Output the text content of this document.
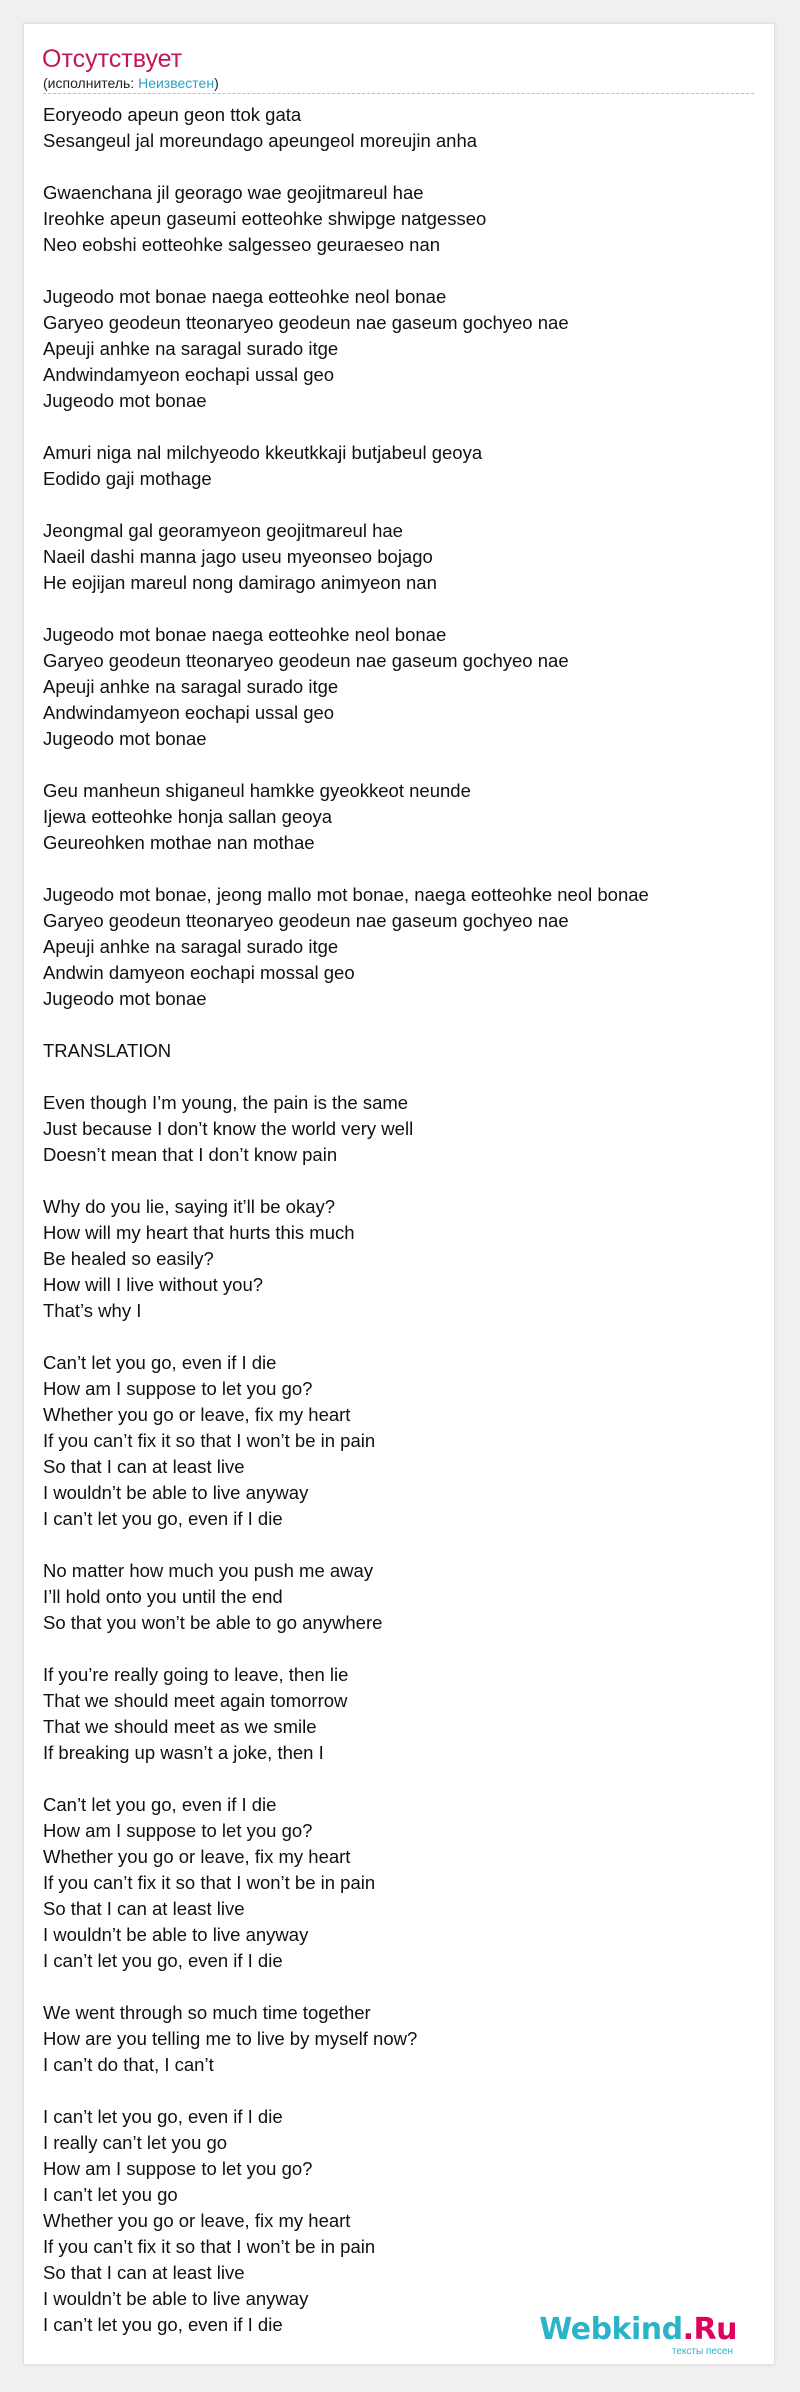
Отсутствует
(исполнитель: Неизвестен)
Eoryeodo apeun geon ttok gata
Sesangeul jal moreundago apeungeol moreujin anha
Gwaenchana jil georago wae geojitmareul hae
Ireohke apeun gaseumi eotteohke shwipge natgesseo
Neo eobshi eotteohke salgesseo geuraeseo nan
Jugeodo mot bonae naega eotteohke neol bonae
Garyeo geodeun tteonaryeo geodeun nae gaseum gochyeo nae
Apeuji anhke na saragal surado itge
Andwindamyeon eochapi ussal geo
Jugeodo mot bonae
Amuri niga nal milchyeodo kkeutkkaji butjabeul geoya
Eodido gaji mothage
Jeongmal gal georamyeon geojitmareul hae
Naeil dashi manna jago useu myeonseo bojago
He eojijan mareul nong damirago animyeon nan
Jugeodo mot bonae naega eotteohke neol bonae
Garyeo geodeun tteonaryeo geodeun nae gaseum gochyeo nae
Apeuji anhke na saragal surado itge
Andwindamyeon eochapi ussal geo
Jugeodo mot bonae
Geu manheun shiganeul hamkke gyeokkeot neunde
Ijewa eotteohke honja sallan geoya
Geureohken mothae nan mothae
Jugeodo mot bonae, jeong mallo mot bonae, naega eotteohke neol bonae
Garyeo geodeun tteonaryeo geodeun nae gaseum gochyeo nae
Apeuji anhke na saragal surado itge
Andwin damyeon eochapi mossal geo
Jugeodo mot bonae
TRANSLATION
Even though I’m young, the pain is the same
Just because I don’t know the world very well
Doesn’t mean that I don’t know pain
Why do you lie, saying it’ll be okay?
How will my heart that hurts this much
Be healed so easily?
How will I live without you?
That’s why I
Can’t let you go, even if I die
How am I suppose to let you go?
Whether you go or leave, fix my heart
If you can’t fix it so that I won’t be in pain
So that I can at least live
I wouldn’t be able to live anyway
I can’t let you go, even if I die
No matter how much you push me away
I’ll hold onto you until the end
So that you won’t be able to go anywhere
If you’re really going to leave, then lie
That we should meet again tomorrow
That we should meet as we smile
If breaking up wasn’t a joke, then I
Can’t let you go, even if I die
How am I suppose to let you go?
Whether you go or leave, fix my heart
If you can’t fix it so that I won’t be in pain
So that I can at least live
I wouldn’t be able to live anyway
I can’t let you go, even if I die
We went through so much time together
How are you telling me to live by myself now?
I can’t do that, I can’t
I can’t let you go, even if I die
I really can’t let you go
How am I suppose to let you go?
I can’t let you go
Whether you go or leave, fix my heart
If you can’t fix it so that I won’t be in pain
So that I can at least live
I wouldn’t be able to live anyway
I can’t let you go, even if I die	Webkind.Ru
тексты песен
